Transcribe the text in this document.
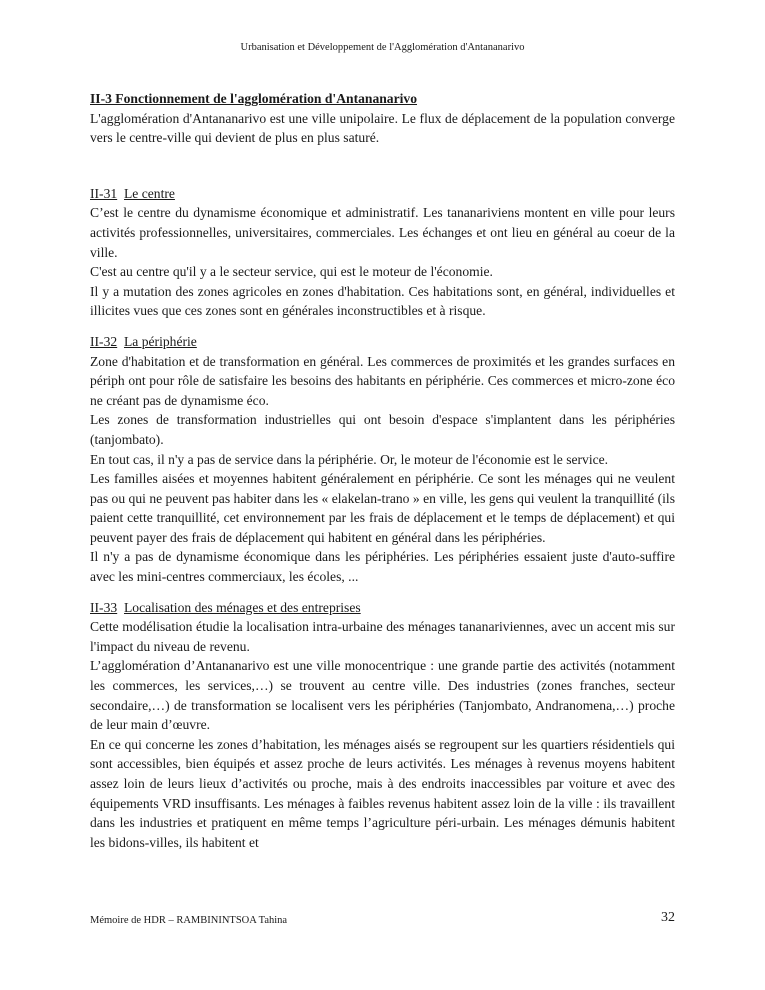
Urbanisation et Développement de l'Agglomération d'Antananarivo

II-3 Fonctionnement de l'agglomération d'Antananarivo

L'agglomération d'Antananarivo est une ville unipolaire. Le flux de déplacement de la population converge vers le centre-ville qui devient de plus en plus saturé.

II-31 Le centre

C’est le centre du dynamisme économique et administratif. Les tananariviens montent en ville pour leurs activités professionnelles, universitaires, commerciales. Les échanges et ont lieu en général au coeur de la ville.

C'est au centre qu'il y a le secteur service, qui est le moteur de l'économie.

Il y a mutation des zones agricoles en zones d'habitation. Ces habitations sont, en général, individuelles et illicites vues que ces zones sont en générales inconstructibles et à risque.

II-32 La périphérie

Zone d'habitation et de transformation en général. Les commerces de proximités et les grandes surfaces en périph ont pour rôle de satisfaire les besoins des habitants en périphérie. Ces commerces et micro-zone éco ne créant pas de dynamisme éco.

Les zones de transformation industrielles qui ont besoin d'espace s'implantent dans les périphéries (tanjombato).

En tout cas, il n'y a pas de service dans la périphérie. Or, le moteur de l'économie est le service.

Les familles aisées et moyennes habitent généralement en périphérie. Ce sont les ménages qui ne veulent pas ou qui ne peuvent pas habiter dans les « elakelan-trano » en ville, les gens qui veulent la tranquillité (ils paient cette tranquillité, cet environnement par les frais de déplacement et le temps de déplacement) et qui peuvent payer des frais de déplacement qui habitent en général dans les périphéries.

Il n'y a pas de dynamisme économique dans les périphéries. Les périphéries essaient juste d'auto-suffire avec les mini-centres commerciaux, les écoles, ...

II-33 Localisation des ménages et des entreprises

Cette modélisation étudie la localisation intra-urbaine des ménages tananariviennes, avec un accent mis sur l'impact du niveau de revenu.

L’agglomération d’Antananarivo est une ville monocentrique : une grande partie des activités (notamment les commerces, les services,…) se trouvent au centre ville. Des industries (zones franches, secteur secondaire,…) de transformation se localisent vers les périphéries (Tanjombato, Andranomena,…) proche de leur main d’œuvre.

En ce qui concerne les zones d’habitation, les ménages aisés se regroupent sur les quartiers résidentiels qui sont accessibles, bien équipés et assez proche de leurs activités. Les ménages à revenus moyens habitent assez loin de leurs lieux d’activités ou proche, mais à des endroits inaccessibles par voiture et avec des équipements VRD insuffisants. Les ménages à faibles revenus habitent assez loin de la ville : ils travaillent dans les industries et pratiquent en même temps l’agriculture péri-urbain. Les ménages démunis habitent les bidons-villes, ils habitent et

Mémoire de HDR – RAMBININTSOA Tahina	32
